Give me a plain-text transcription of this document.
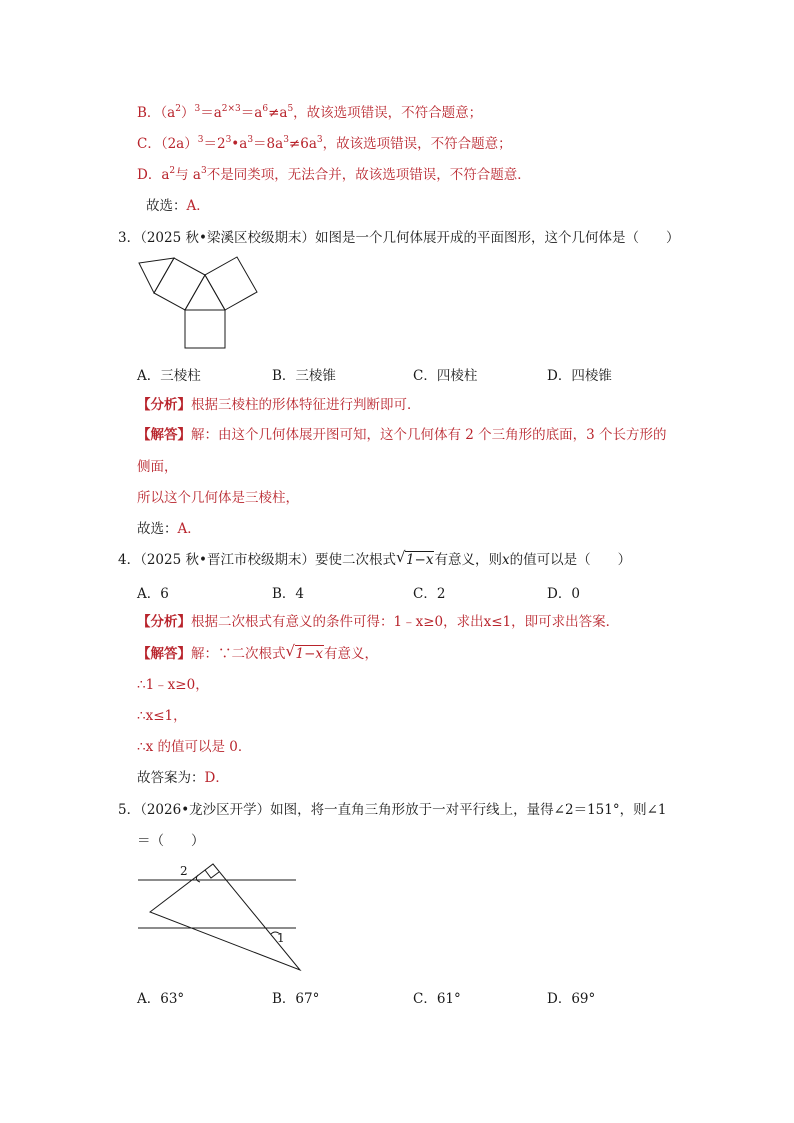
B．$(a^2)^3=a^{2\times 3}=a^6\ne a^5$，故该选项错误，不符合题意；
C．$(2a)^3=2^3•a^3=8a^3\ne 6a^3$，故该选项错误，不符合题意；
D．$a^2$与 $a^3$不是同类项，无法合并，故该选项错误，不符合题意．
故选：A．
3．（2025 秋•梁溪区校级期末）如图是一个几何体展开成的平面图形，这个几何体是（　　）
A．三棱柱	B．三棱锥	C．四棱柱	D．四棱锥
【分析】根据三棱柱的形体特征进行判断即可．
【解答】解：由这个几何体展开图可知，这个几何体有 2 个三角形的底面，3 个长方形的
侧面，
所以这个几何体是三棱柱，
故选：A．
4．（2025 秋•晋江市校级期末）要使二次根式 √ 1−x有意义，则x的值可以是（　　）
A．6	B．4	C．2	D．0
【分析】根据二次根式有意义的条件可得：1﹣x≥0，求出x≤1，即可求出答案．
【解答】解：∵二次根式 √ 1−x有意义，
∴1﹣x≥0，
∴x≤1，
∴x 的值可以是 0．
故答案为：D．
5．（2026•龙沙区开学）如图，将一直角三角形放于一对平行线上，量得∠2＝151°，则∠1
＝（　　）
2
1
A．63°	B．67°	C．61°	D．69°
